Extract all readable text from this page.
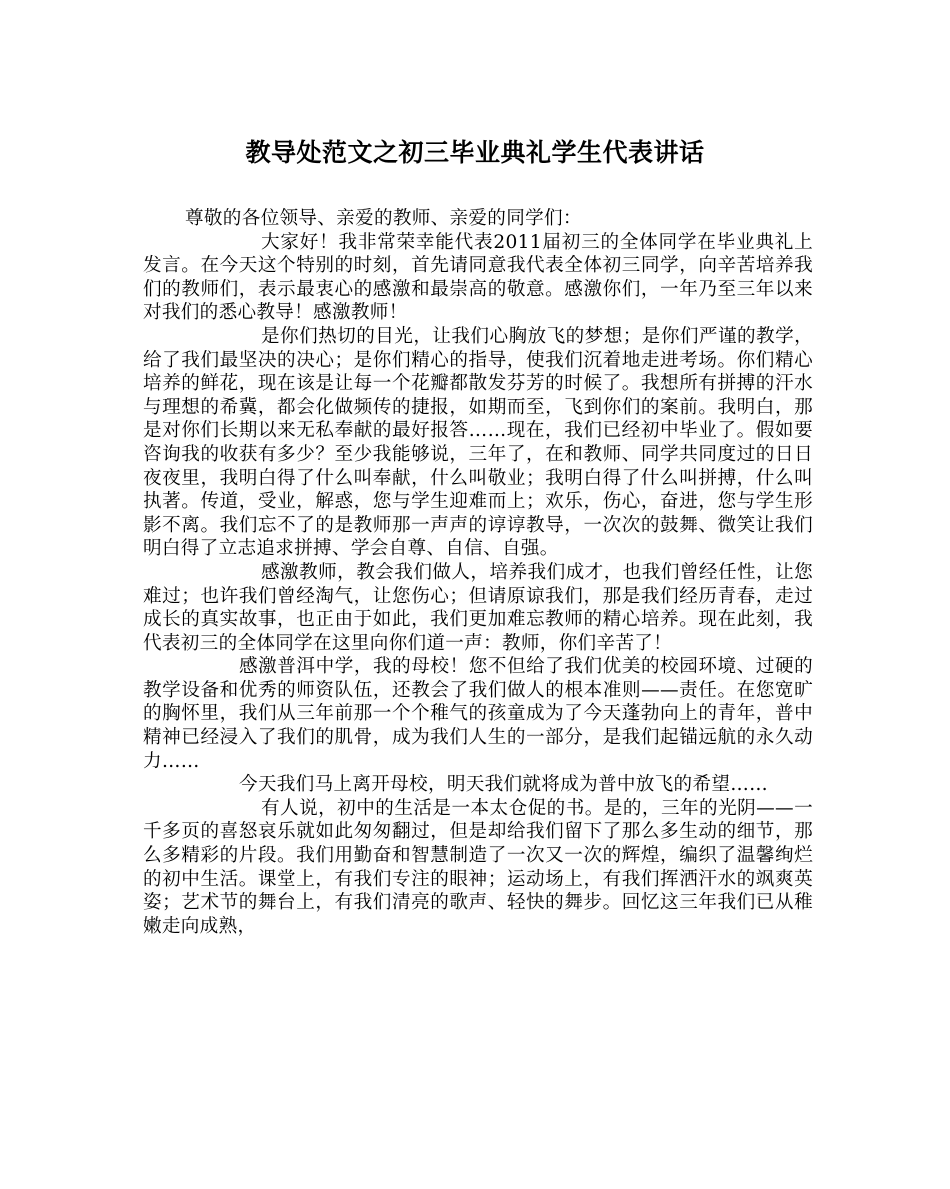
教导处范文之初三毕业典礼学生代表讲话

尊敬的各位领导、亲爱的教师、亲爱的同学们：

大家好！我非常荣幸能代表2011届初三的全体同学在毕业典礼上发言。在今天这个特别的时刻，首先请同意我代表全体初三同学，向辛苦培养我们的教师们，表示最衷心的感激和最崇高的敬意。感激你们，一年乃至三年以来对我们的悉心教导！感激教师！

是你们热切的目光，让我们心胸放飞的梦想；是你们严谨的教学，给了我们最坚决的决心；是你们精心的指导，使我们沉着地走进考场。你们精心培养的鲜花，现在该是让每一个花瓣都散发芬芳的时候了。我想所有拼搏的汗水与理想的希冀，都会化做频传的捷报，如期而至，飞到你们的案前。我明白，那是对你们长期以来无私奉献的最好报答……现在，我们已经初中毕业了。假如要咨询我的收获有多少？至少我能够说，三年了，在和教师、同学共同度过的日日夜夜里，我明白得了什么叫奉献，什么叫敬业；我明白得了什么叫拼搏，什么叫执著。传道，受业，解惑，您与学生迎难而上；欢乐，伤心，奋进，您与学生形影不离。我们忘不了的是教师那一声声的谆谆教导，一次次的鼓舞、微笑让我们明白得了立志追求拼搏、学会自尊、自信、自强。

感激教师，教会我们做人，培养我们成才，也我们曾经任性，让您难过；也许我们曾经淘气，让您伤心；但请原谅我们，那是我们经历青春，走过成长的真实故事，也正由于如此，我们更加难忘教师的精心培养。现在此刻，我代表初三的全体同学在这里向你们道一声：教师，你们辛苦了！

感激普洱中学，我的母校！您不但给了我们优美的校园环境、过硬的教学设备和优秀的师资队伍，还教会了我们做人的根本准则——责任。在您宽旷的胸怀里，我们从三年前那一个个稚气的孩童成为了今天蓬勃向上的青年，普中精神已经浸入了我们的肌骨，成为我们人生的一部分，是我们起锚远航的永久动力……

今天我们马上离开母校，明天我们就将成为普中放飞的希望……

有人说，初中的生活是一本太仓促的书。是的，三年的光阴——一千多页的喜怒哀乐就如此匆匆翻过，但是却给我们留下了那么多生动的细节，那么多精彩的片段。我们用勤奋和智慧制造了一次又一次的辉煌，编织了温馨绚烂的初中生活。课堂上，有我们专注的眼神；运动场上，有我们挥洒汗水的飒爽英姿；艺术节的舞台上，有我们清亮的歌声、轻快的舞步。回忆这三年我们已从稚嫩走向成熟，
